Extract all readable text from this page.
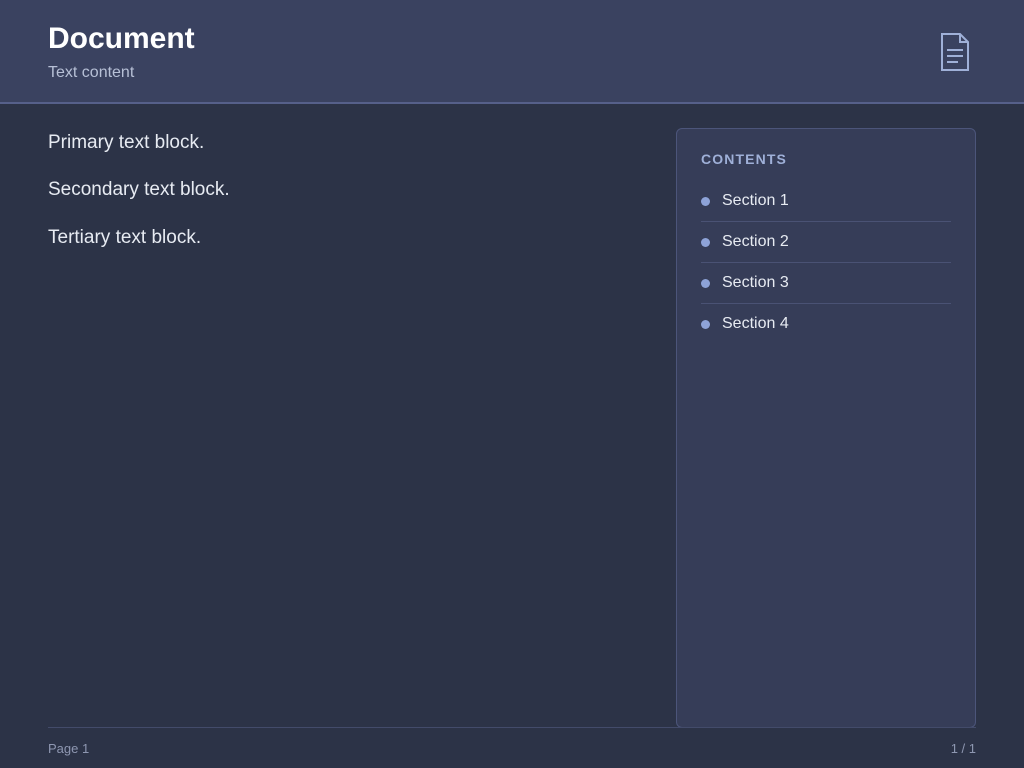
Document
Text content

Primary text block.

Secondary text block.

Tertiary text block.

CONTENTS
Section 1
Section 2
Section 3
Section 4
Page 1	1 / 1
